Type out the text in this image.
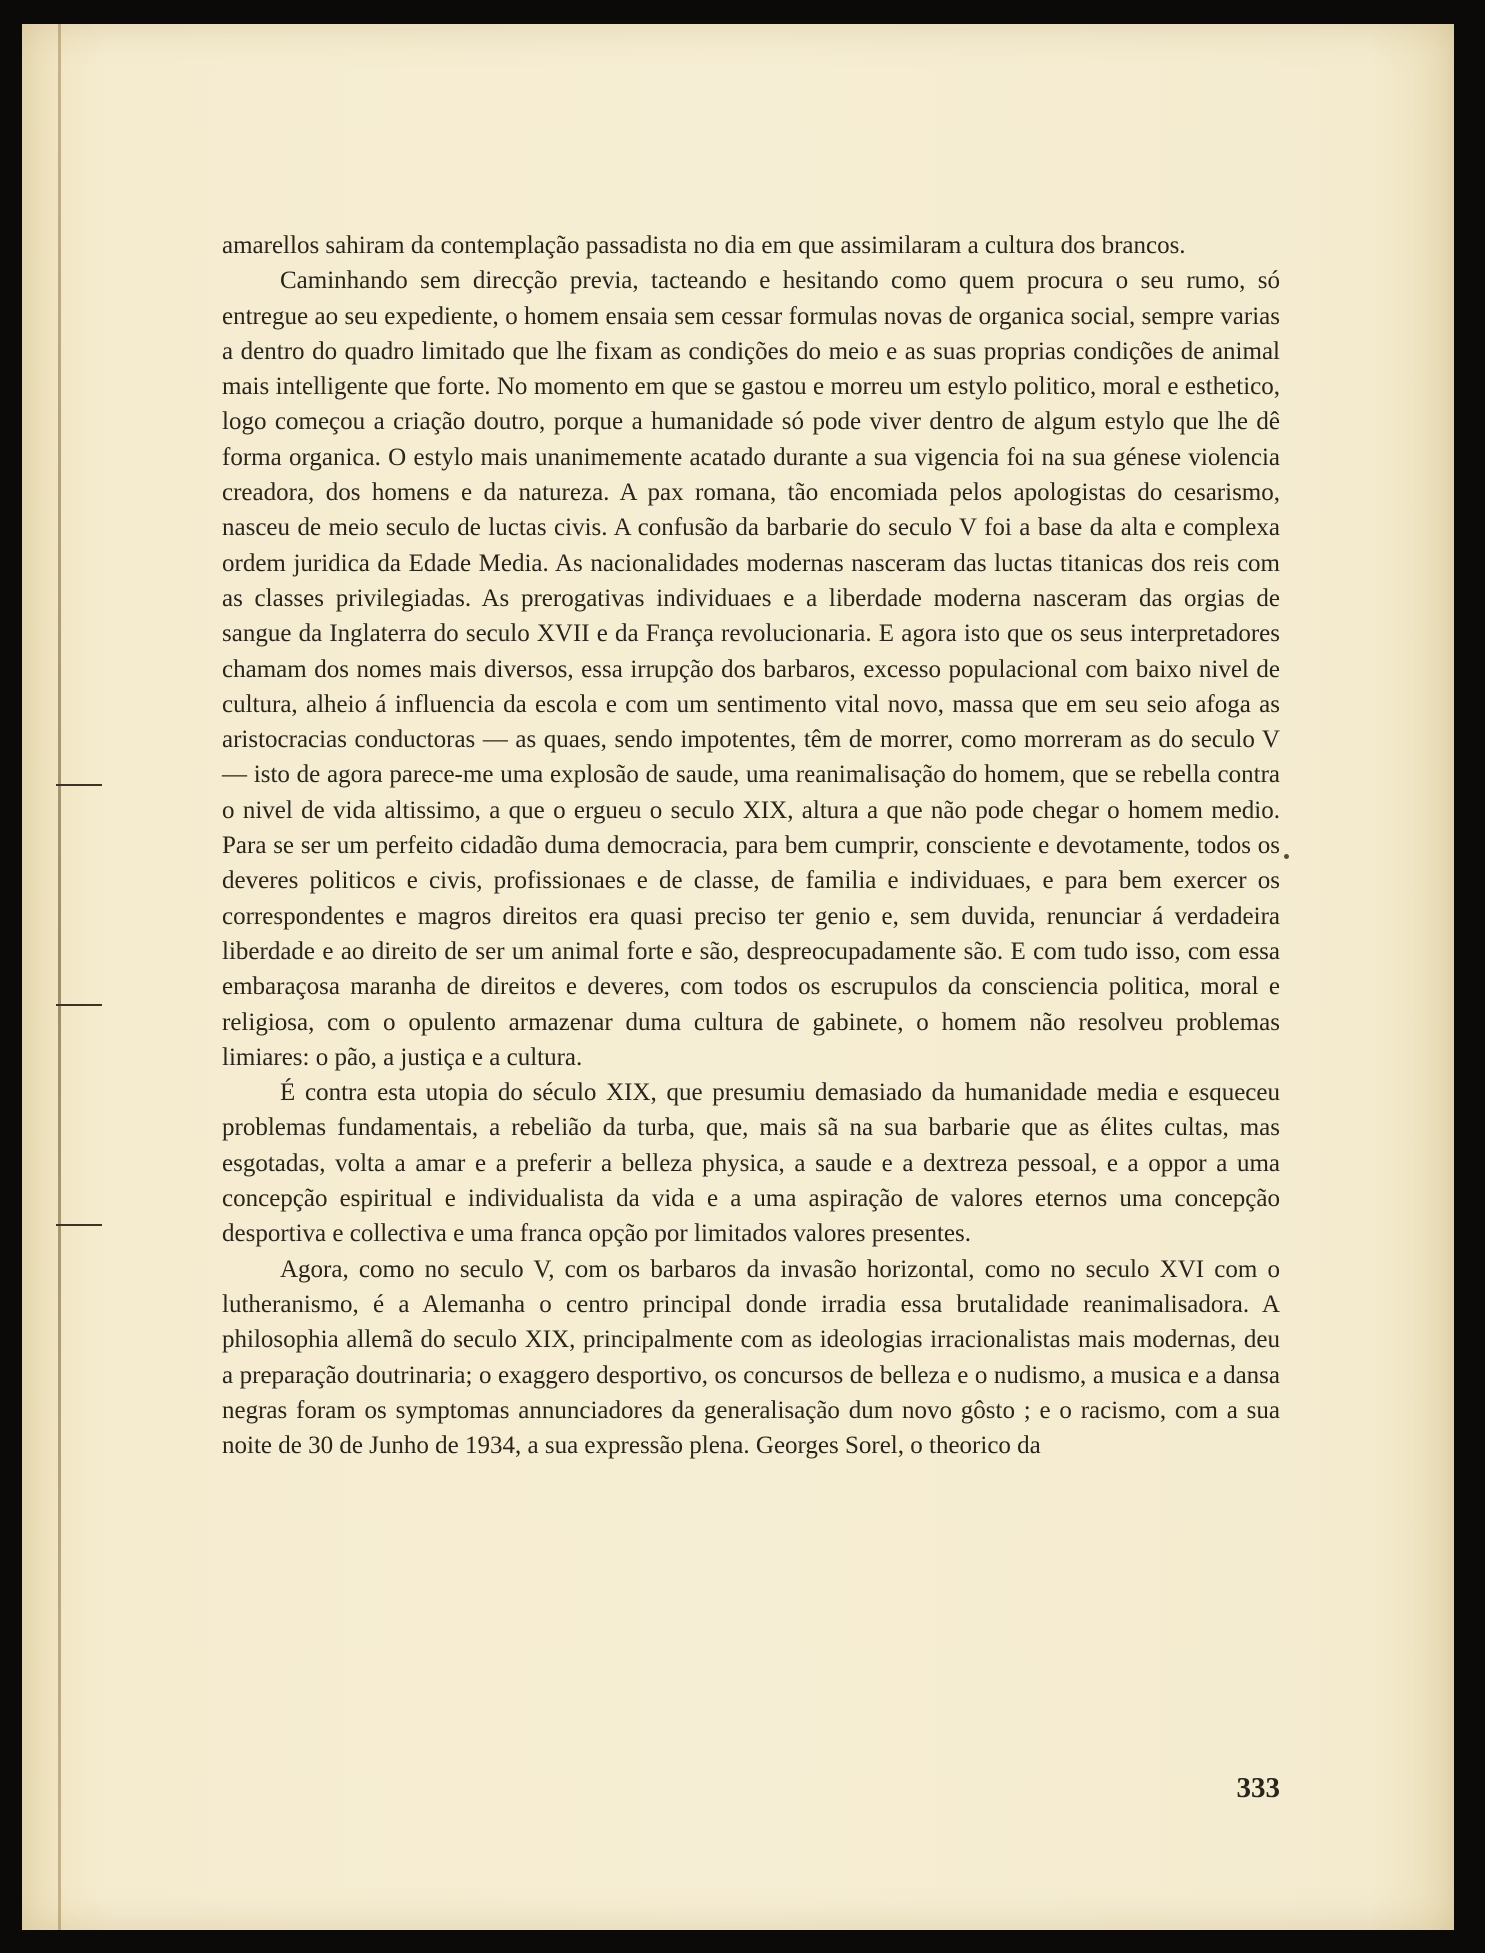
amarellos sahiram da contemplação passadista no dia em que assimilaram a cultura dos brancos.

Caminhando sem direcção previa, tacteando e hesitando como quem procura o seu rumo, só entregue ao seu expediente, o homem ensaia sem cessar formulas novas de organica social, sempre varias a dentro do quadro limitado que lhe fixam as condições do meio e as suas proprias condições de animal mais intelligente que forte. No momento em que se gastou e morreu um estylo politico, moral e esthetico, logo começou a criação doutro, porque a humanidade só pode viver dentro de algum estylo que lhe dê forma organica. O estylo mais unanimemente acatado durante a sua vigencia foi na sua génese violencia creadora, dos homens e da natureza. A pax romana, tão encomiada pelos apologistas do cesarismo, nasceu de meio seculo de luctas civis. A confusão da barbarie do seculo V foi a base da alta e complexa ordem juridica da Edade Media. As nacionalidades modernas nasceram das luctas titanicas dos reis com as classes privilegiadas. As prerogativas individuaes e a liberdade moderna nasceram das orgias de sangue da Inglaterra do seculo XVII e da França revolucionaria. E agora isto que os seus interpretadores chamam dos nomes mais diversos, essa irrupção dos barbaros, excesso populacional com baixo nivel de cultura, alheio á influencia da escola e com um sentimento vital novo, massa que em seu seio afoga as aristocracias conductoras — as quaes, sendo impotentes, têm de morrer, como morreram as do seculo V — isto de agora parece-me uma explosão de saude, uma reanimalisação do homem, que se rebella contra o nivel de vida altissimo, a que o ergueu o seculo XIX, altura a que não pode chegar o homem medio. Para se ser um perfeito cidadão duma democracia, para bem cumprir, consciente e devotamente, todos os deveres politicos e civis, profissionaes e de classe, de familia e individuaes, e para bem exercer os correspondentes e magros direitos era quasi preciso ter genio e, sem duvida, renunciar á verdadeira liberdade e ao direito de ser um animal forte e são, despreocupadamente são. E com tudo isso, com essa embaraçosa maranha de direitos e deveres, com todos os escrupulos da consciencia politica, moral e religiosa, com o opulento armazenar duma cultura de gabinete, o homem não resolveu problemas limiares: o pão, a justiça e a cultura.

É contra esta utopia do século XIX, que presumiu demasiado da humanidade media e esqueceu problemas fundamentais, a rebelião da turba, que, mais sã na sua barbarie que as élites cultas, mas esgotadas, volta a amar e a preferir a belleza physica, a saude e a dextreza pessoal, e a oppor a uma concepção espiritual e individualista da vida e a uma aspiração de valores eternos uma concepção desportiva e collectiva e uma franca opção por limitados valores presentes.

Agora, como no seculo V, com os barbaros da invasão horizontal, como no seculo XVI com o lutheranismo, é a Alemanha o centro principal donde irradia essa brutalidade reanimalisadora. A philosophia allemã do seculo XIX, principalmente com as ideologias irracionalistas mais modernas, deu a preparação doutrinaria; o exaggero desportivo, os concursos de belleza e o nudismo, a musica e a dansa negras foram os symptomas annunciadores da generalisação dum novo gôsto ; e o racismo, com a sua noite de 30 de Junho de 1934, a sua expressão plena. Georges Sorel, o theorico da

333
